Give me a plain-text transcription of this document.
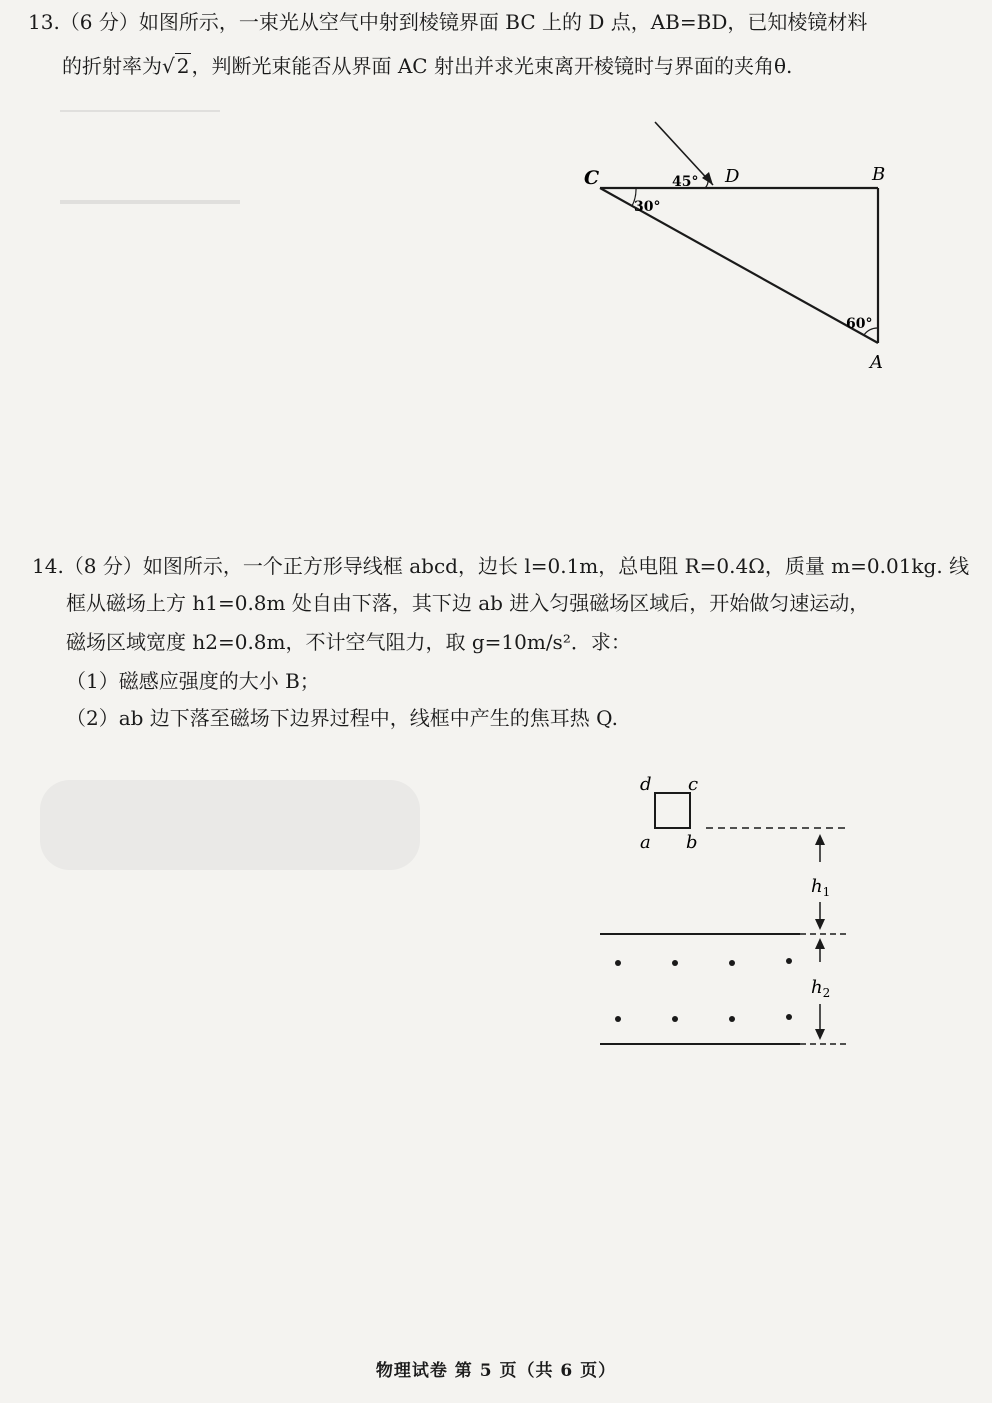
13.（6 分）如图所示，一束光从空气中射到棱镜界面 BC 上的 D 点，AB=BD，已知棱镜材料
的折射率为√ 2 ，判断光束能否从界面 AC 射出并求光束离开棱镜时与界面的夹角θ.
C	D	B
A
45°
30°
60°
14.（8 分）如图所示，一个正方形导线框 abcd，边长 l=0.1m，总电阻 R=0.4Ω，质量 m=0.01kg. 线
框从磁场上方 h1=0.8m 处自由下落，其下边 ab 进入匀强磁场区域后，开始做匀速运动，
磁场区域宽度 h2=0.8m，不计空气阻力，取 g=10m/s²．求：
（1）磁感应强度的大小 B；
（2）ab 边下落至磁场下边界过程中，线框中产生的焦耳热 Q.
d c
a b
$h_1$
$h_2$
物理试卷 第 5 页（共 6 页）
